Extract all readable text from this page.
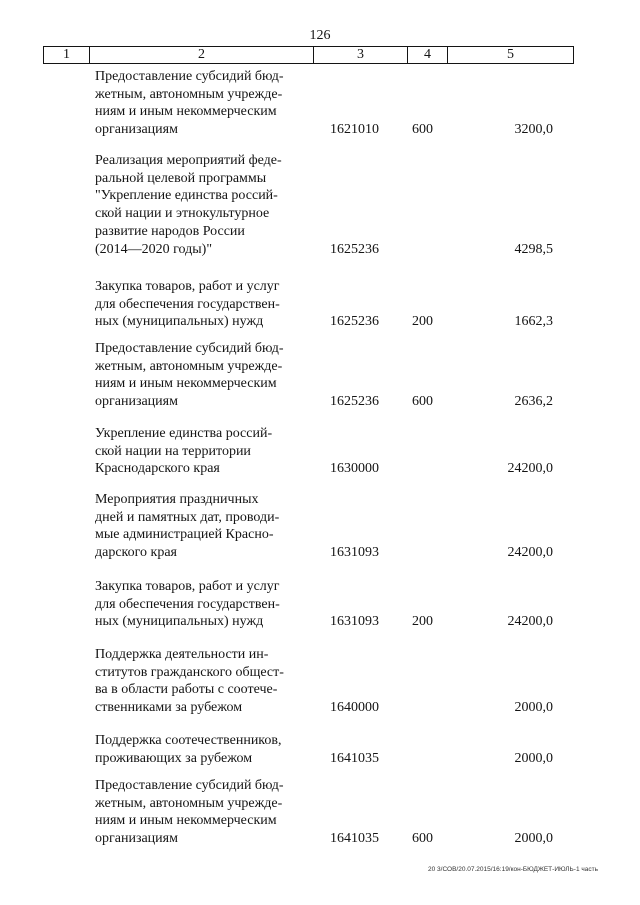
126
1	2	3	4	5

Предоставление субсидий бюд-
жетным, автономным учрежде-
ниям и иным некоммерческим
организациям	1621010 600	3200,0

Реализация мероприятий феде-
ральной целевой программы
"Укрепление единства россий-
ской нации и этнокультурное
развитие народов России
(2014—2020 годы)"	1625236	4298,5

Закупка товаров, работ и услуг
для обеспечения государствен-
ных (муниципальных) нужд	1625236 200	1662,3

Предоставление субсидий бюд-
жетным, автономным учрежде-
ниям и иным некоммерческим
организациям	1625236 600	2636,2

Укрепление единства россий-
ской нации на территории
Краснодарского края	1630000	24200,0

Мероприятия праздничных
дней и памятных дат, проводи-
мые администрацией Красно-
дарского края	1631093	24200,0

Закупка товаров, работ и услуг
для обеспечения государствен-
ных (муниципальных) нужд	1631093 200	24200,0

Поддержка деятельности ин-
ститутов гражданского общест-
ва в области работы с соотече-
ственниками за рубежом	1640000	2000,0

Поддержка соотечественников,
проживающих за рубежом	1641035	2000,0

Предоставление субсидий бюд-
жетным, автономным учрежде-
ниям и иным некоммерческим
организациям	1641035 600	2000,0
20 3/СОВ/20.07.2015/16:19/кон-БЮДЖЕТ-ИЮЛЬ-1 часть
